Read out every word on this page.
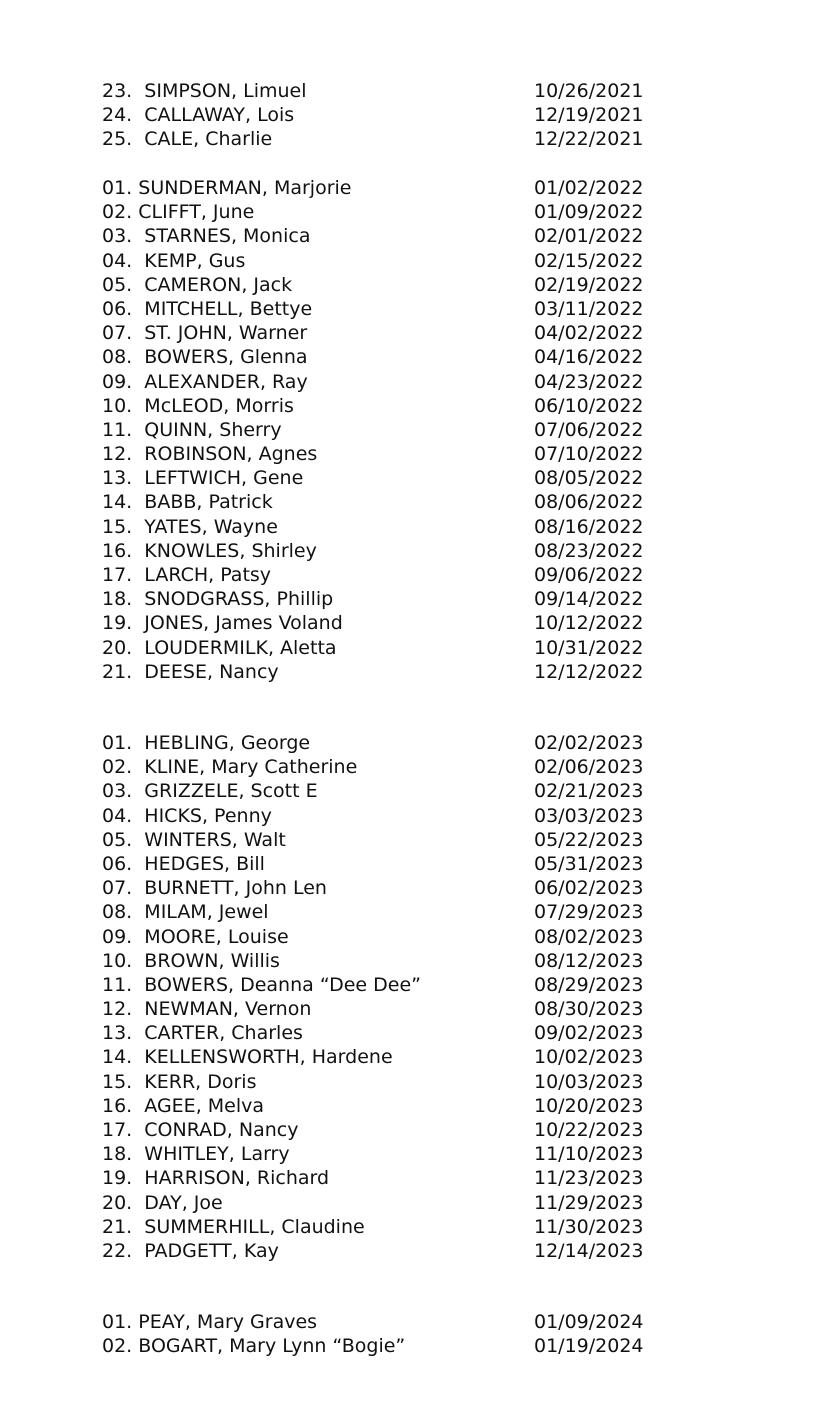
23.  SIMPSON, Limuel	10/26/2021
24.  CALLAWAY, Lois	12/19/2021
25.  CALE, Charlie	12/22/2021
01. SUNDERMAN, Marjorie	01/02/2022
02. CLIFFT, June	01/09/2022
03.  STARNES, Monica	02/01/2022
04.  KEMP, Gus	02/15/2022
05.  CAMERON, Jack	02/19/2022
06.  MITCHELL, Bettye	03/11/2022
07.  ST. JOHN, Warner	04/02/2022
08.  BOWERS, Glenna	04/16/2022
09.  ALEXANDER, Ray	04/23/2022
10.  McLEOD, Morris	06/10/2022
11.  QUINN, Sherry	07/06/2022
12.  ROBINSON, Agnes	07/10/2022
13.  LEFTWICH, Gene	08/05/2022
14.  BABB, Patrick	08/06/2022
15.  YATES, Wayne	08/16/2022
16.  KNOWLES, Shirley	08/23/2022
17.  LARCH, Patsy	09/06/2022
18.  SNODGRASS, Phillip	09/14/2022
19.  JONES, James Voland	10/12/2022
20.  LOUDERMILK, Aletta	10/31/2022
21.  DEESE, Nancy	12/12/2022
01.  HEBLING, George	02/02/2023
02.  KLINE, Mary Catherine	02/06/2023
03.  GRIZZELE, Scott E	02/21/2023
04.  HICKS, Penny	03/03/2023
05.  WINTERS, Walt	05/22/2023
06.  HEDGES, Bill	05/31/2023
07.  BURNETT, John Len	06/02/2023
08.  MILAM, Jewel	07/29/2023
09.  MOORE, Louise	08/02/2023
10.  BROWN, Willis	08/12/2023
11.  BOWERS, Deanna “Dee Dee”	08/29/2023
12.  NEWMAN, Vernon	08/30/2023
13.  CARTER, Charles	09/02/2023
14.  KELLENSWORTH, Hardene	10/02/2023
15.  KERR, Doris	10/03/2023
16.  AGEE, Melva	10/20/2023
17.  CONRAD, Nancy	10/22/2023
18.  WHITLEY, Larry	11/10/2023
19.  HARRISON, Richard	11/23/2023
20.  DAY, Joe	11/29/2023
21.  SUMMERHILL, Claudine	11/30/2023
22.  PADGETT, Kay	12/14/2023
01. PEAY, Mary Graves	01/09/2024
02. BOGART, Mary Lynn “Bogie”	01/19/2024
